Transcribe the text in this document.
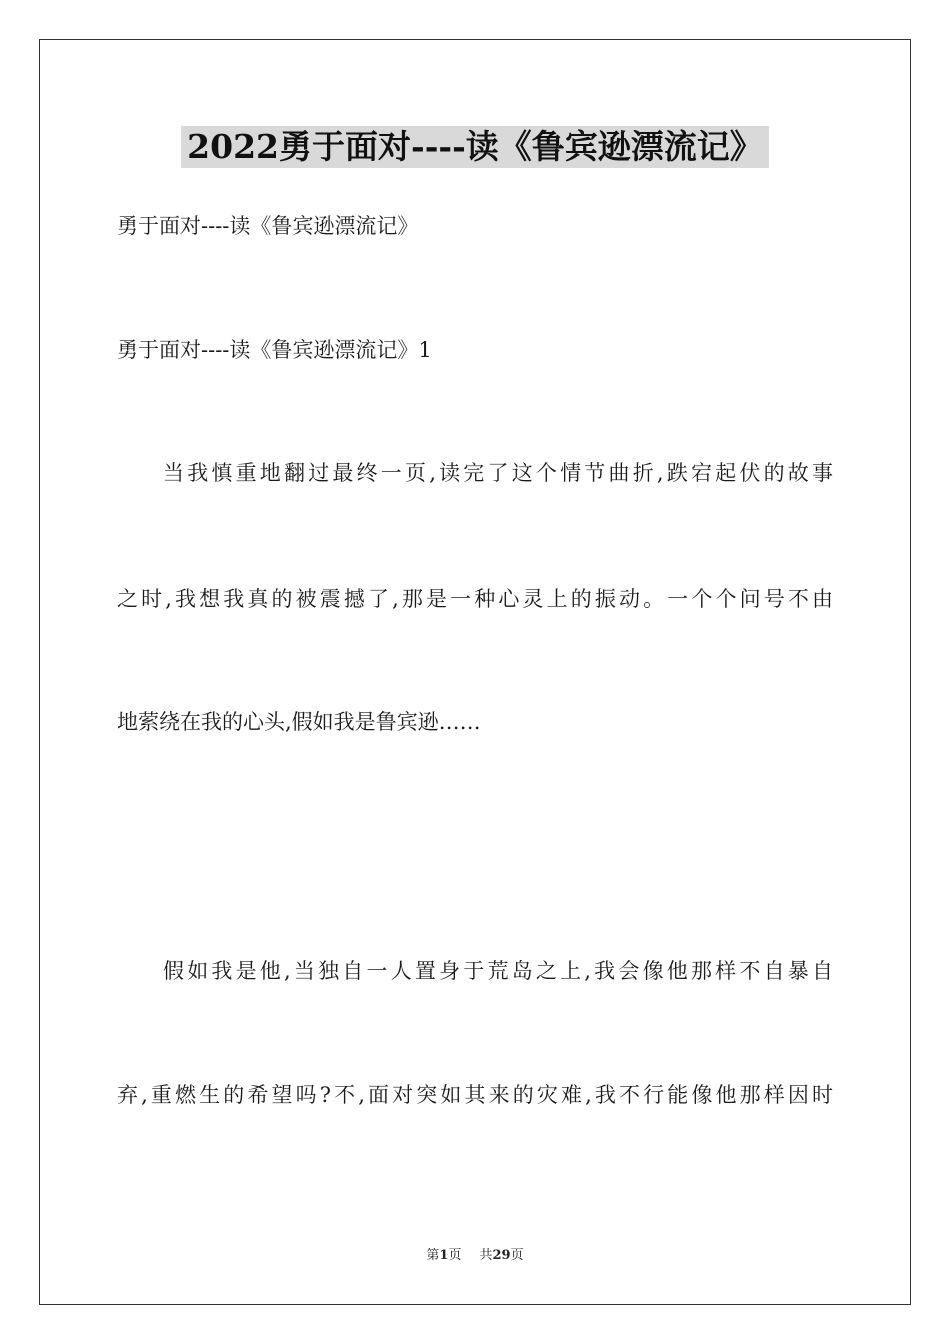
2022勇于面对----读《鲁宾逊漂流记》

勇于面对----读《鲁宾逊漂流记》

勇于面对----读《鲁宾逊漂流记》1

当我慎重地翻过最终一页,读完了这个情节曲折,跌宕起伏的故事

之时,我想我真的被震撼了,那是一种心灵上的振动。一个个问号不由

地萦绕在我的心头,假如我是鲁宾逊……

假如我是他,当独自一人置身于荒岛之上,我会像他那样不自暴自

弃,重燃生的希望吗?不,面对突如其来的灾难,我不行能像他那样因时

第1页 共29页
